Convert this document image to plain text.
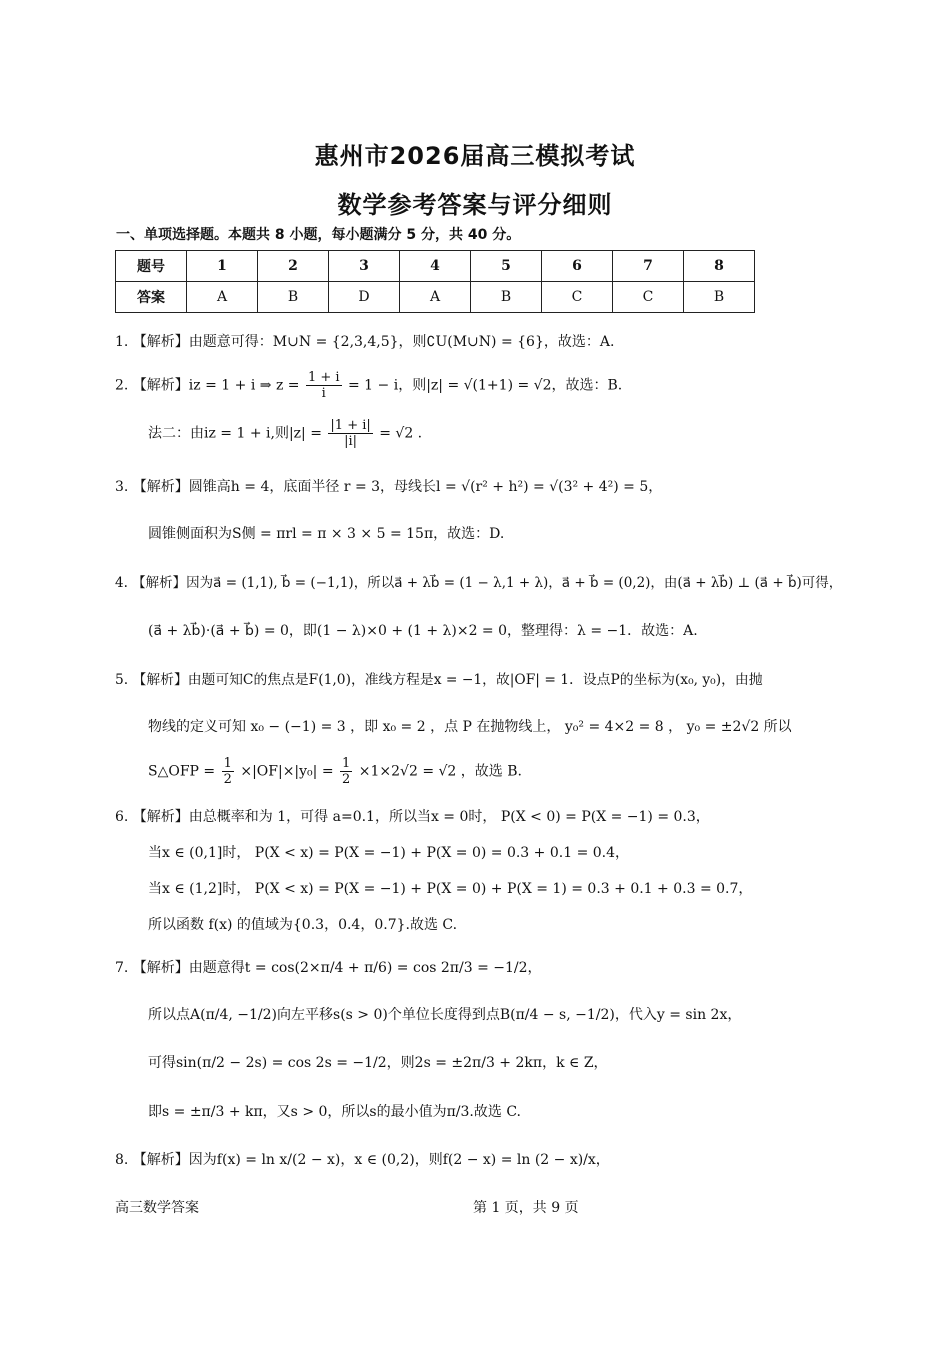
惠州市2026届高三模拟考试
数学参考答案与评分细则
一、单项选择题。本题共 8 小题，每小题满分 5 分，共 40 分。
题号	1	2	3	4	5	6	7	8
答案	A	B	D	A	B	C	C	B
1. 【解析】由题意可得：M∪N = {2,3,4,5}，则∁U(M∪N) = {6}，故选：A.
2. 【解析】iz = 1 + i ⇒ $z = \frac{1 + i}{i} = 1 - i$，则|z| = √(1+1) = √2，故选：B.
法二：由iz = 1 + i,则$|z| = \frac{|1 + i|}{|i|} = √2$ .
3. 【解析】圆锥高h = 4，底面半径 r = 3，母线长l = √(r² + h²) = √(3² + 4²) = 5，
圆锥侧面积为S侧 = πrl = π × 3 × 5 = 15π，故选：D.
4. 【解析】因为a⃗ = (1,1), b⃗ = (−1,1)，所以a⃗ + λb⃗ = (1 − λ,1 + λ)，a⃗ + b⃗ = (0,2)，由(a⃗ + λb⃗) ⊥ (a⃗ + b⃗)可得，
(a⃗ + λb⃗)·(a⃗ + b⃗) = 0，即(1 − λ)×0 + (1 + λ)×2 = 0，整理得：λ = −1．故选：A.
5. 【解析】由题可知C的焦点是F(1,0)，准线方程是x = −1，故|OF| = 1．设点P的坐标为(x₀, y₀)，由抛
物线的定义可知 x₀ − (−1) = 3 ，即 x₀ = 2 ，点 P 在抛物线上， y₀² = 4×2 = 8 ， y₀ = ±2√2 所以
S△OFP = $\frac{1}{2} \times|OF|\times|y_0| = \frac{1}{2} \times 1\times 2√2 = √2$ ，故选 B.
6. 【解析】由总概率和为 1，可得 a=0.1，所以当x = 0时， P(X < 0) = P(X = −1) = 0.3，
当x ∈ (0,1]时， P(X < x) = P(X = −1) + P(X = 0) = 0.3 + 0.1 = 0.4，
当x ∈ (1,2]时， P(X < x) = P(X = −1) + P(X = 0) + P(X = 1) = 0.3 + 0.1 + 0.3 = 0.7，
所以函数 f(x) 的值域为{0.3，0.4，0.7}.故选 C.
7. 【解析】由题意得t = cos(2×π/4 + π/6) = cos 2π/3 = −1/2，
所以点A(π/4, −1/2)向左平移s(s > 0)个单位长度得到点B(π/4 − s, −1/2)，代入y = sin 2x，
可得sin(π/2 − 2s) = cos 2s = −1/2，则2s = ±2π/3 + 2kπ，k ∈ Z，
即s = ±π/3 + kπ，又s > 0，所以s的最小值为π/3.故选 C.
8. 【解析】因为f(x) = ln x/(2 − x)，x ∈ (0,2)，则f(2 − x) = ln (2 − x)/x，
高三数学答案	第 1 页，共 9 页
